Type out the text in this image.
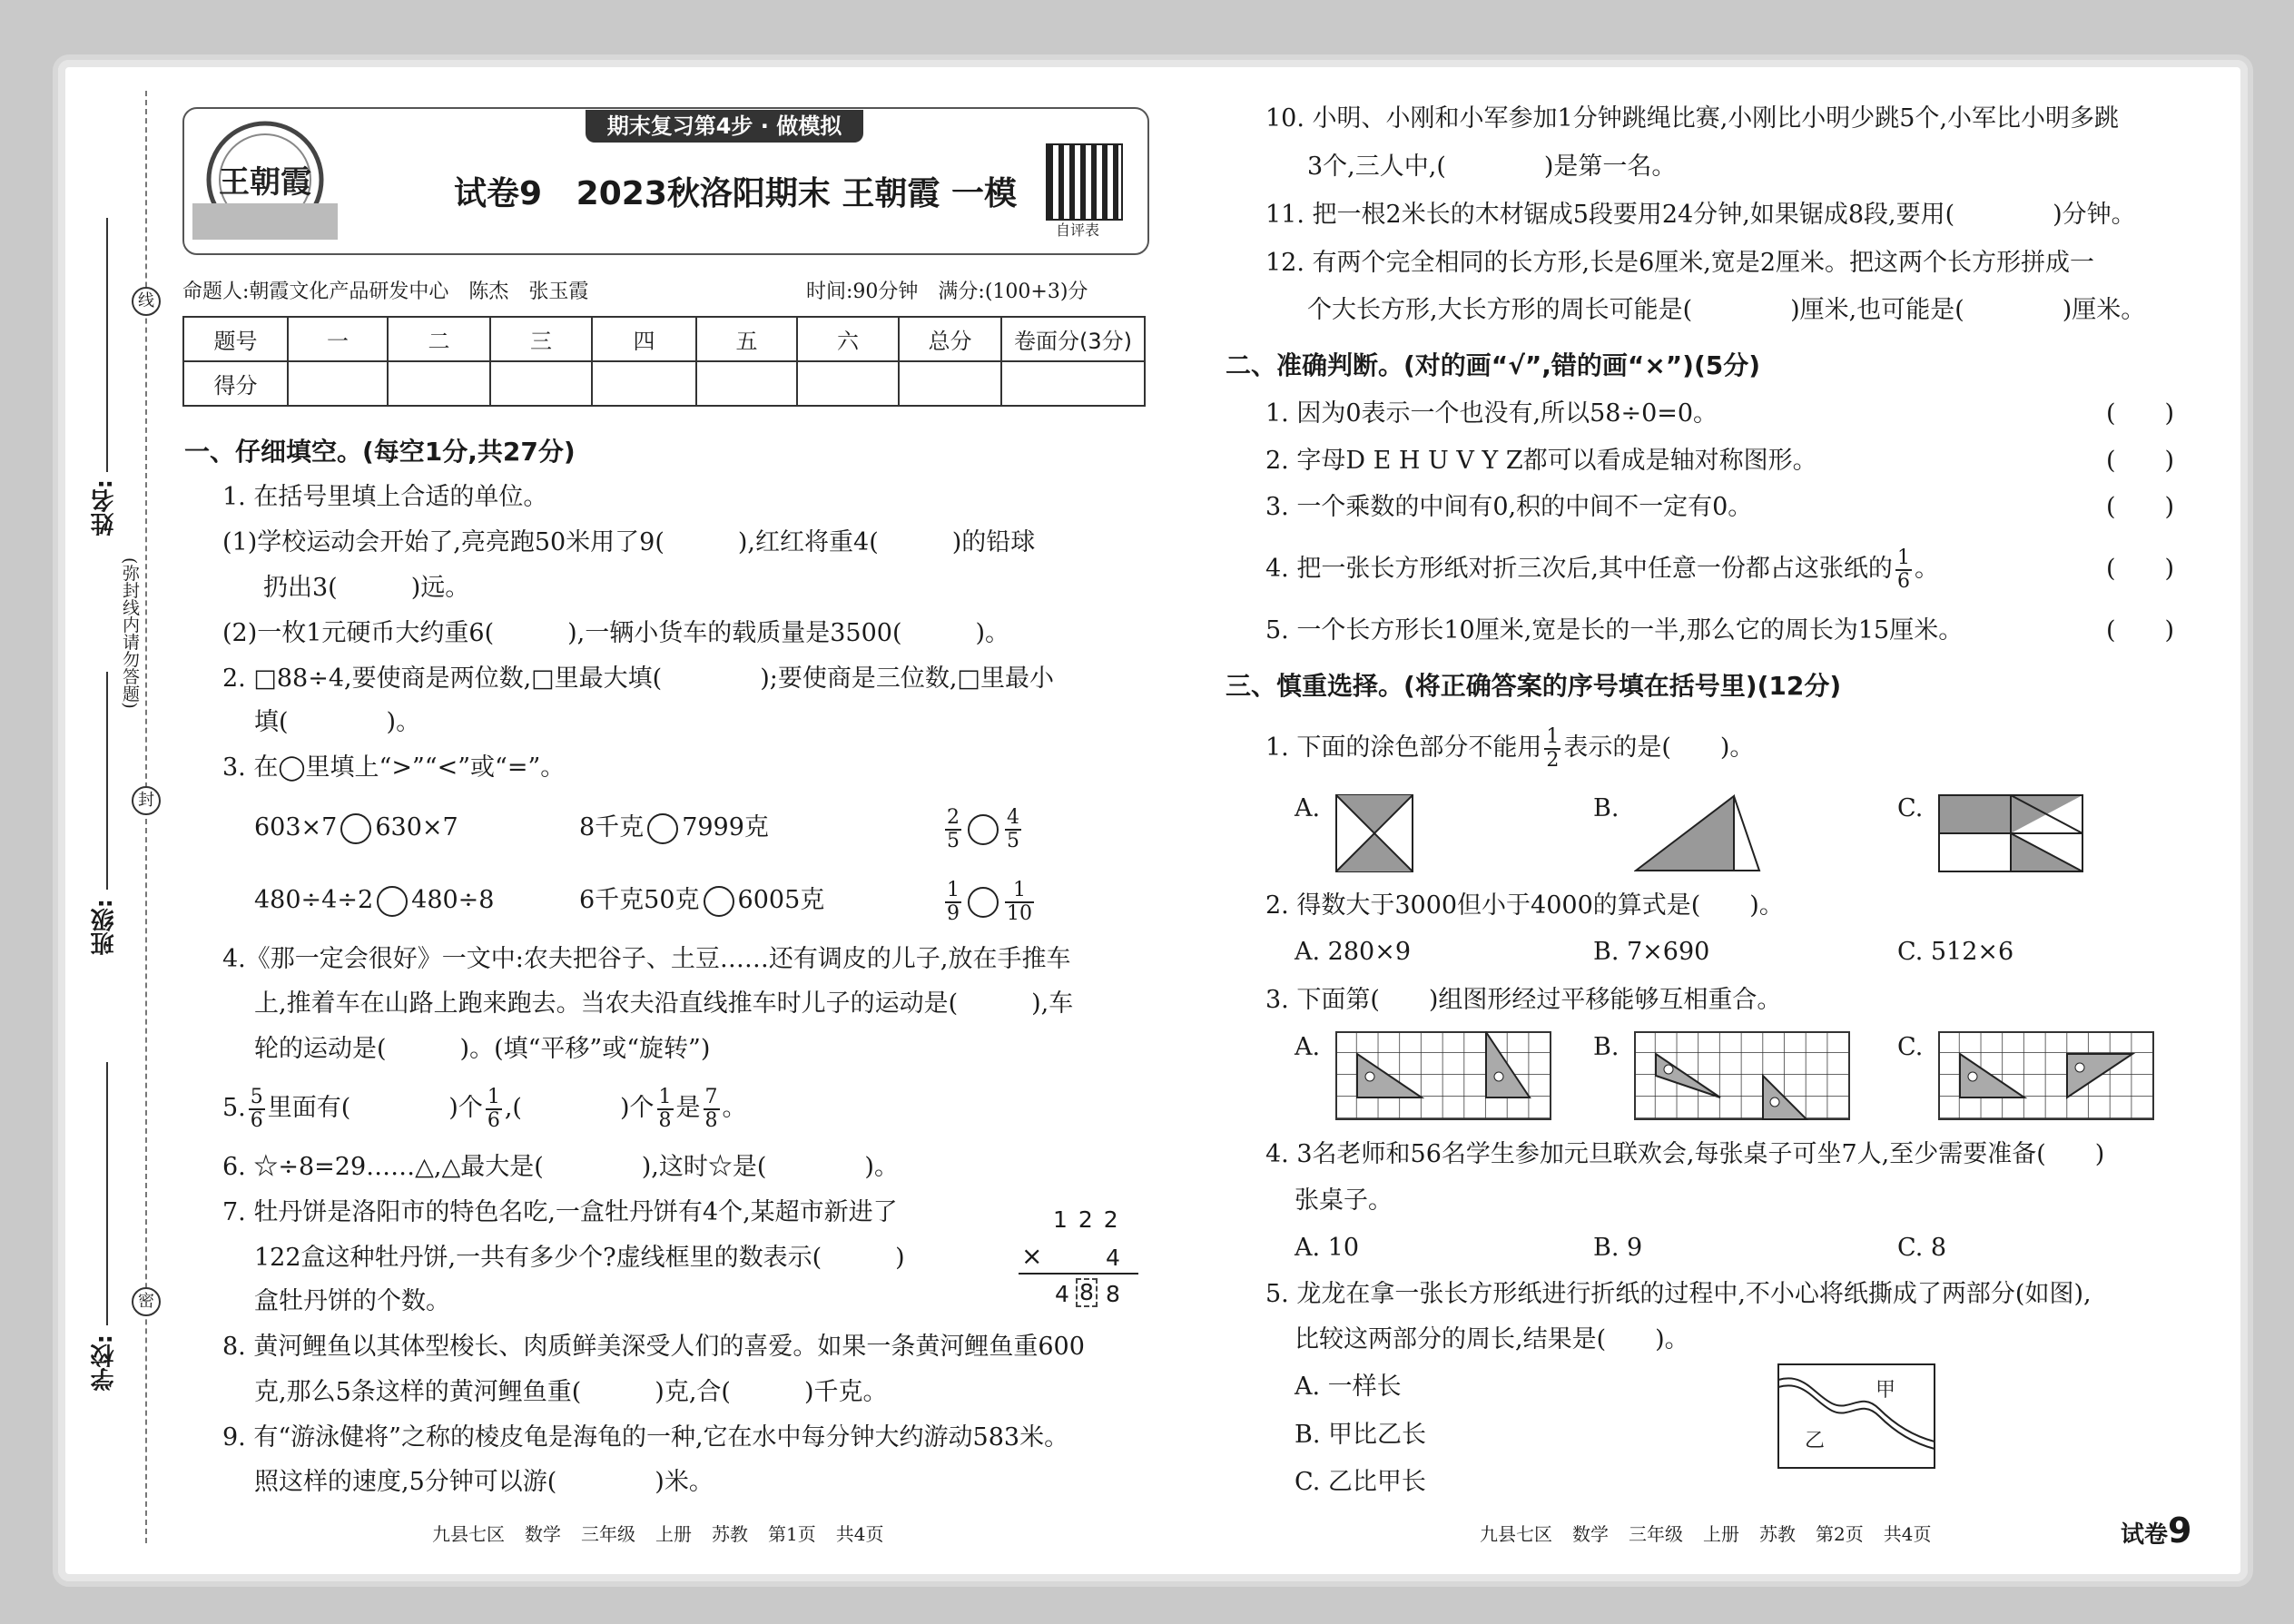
线
封
密
姓名:
班级:
学校:
(弥封线内请勿答题)
王朝霞
期末复习第4步 · 做模拟
试卷9 2023秋洛阳期末 王朝霞 一模
自评表
命题人:朝霞文化产品研发中心　陈杰　张玉霞	时间:90分钟　满分:(100+3)分
题号	一	二	三	四	五	六	总分	卷面分(3分)
得分								
一、仔细填空。(每空1分,共27分)
1. 在括号里填上合适的单位。
(1)学校运动会开始了,亮亮跑50米用了9(　　　),红红将重4(　　　)的铅球
扔出3(　　　)远。
(2)一枚1元硬币大约重6(　　　),一辆小货车的载质量是3500(　　　)。
2. □88÷4,要使商是两位数,□里最大填(　　　　);要使商是三位数,□里最小
填(　　　　)。
3. 在◯里填上“>”“<”或“=”。
603×7 630×7	8千克 7999克	$\frac{2}{5} \frac{4}{5}$
480÷4÷2 480÷8	6千克50克 6005克	$\frac{1}{9} \frac{1}{10}$
4.《那一定会很好》一文中:农夫把谷子、土豆……还有调皮的儿子,放在手推车
上,推着车在山路上跑来跑去。当农夫沿直线推车时儿子的运动是(　　　),车
轮的运动是(　　　)。(填“平移”或“旋转”)
5. $\frac{5}{6}$ 里面有(　　　　)个 $\frac{1}{6}$ ,(　　　　)个 $\frac{1}{8}$ 是 $\frac{7}{8}$ 。
6. ☆÷8=29……△,△最大是(　　　　),这时☆是(　　　　)。
7. 牡丹饼是洛阳市的特色名吃,一盒牡丹饼有4个,某超市新进了
122盒这种牡丹饼,一共有多少个?虚线框里的数表示(　　　)
盒牡丹饼的个数。
1 2 2
×	4
4 8 8
8. 黄河鲤鱼以其体型梭长、肉质鲜美深受人们的喜爱。如果一条黄河鲤鱼重600
克,那么5条这样的黄河鲤鱼重(　　　)克,合(　　　)千克。
9. 有“游泳健将”之称的棱皮龟是海龟的一种,它在水中每分钟大约游动583米。
照这样的速度,5分钟可以游(　　　　)米。
10. 小明、小刚和小军参加1分钟跳绳比赛,小刚比小明少跳5个,小军比小明多跳
3个,三人中,(　　　　)是第一名。
11. 把一根2米长的木材锯成5段要用24分钟,如果锯成8段,要用(　　　　)分钟。
12. 有两个完全相同的长方形,长是6厘米,宽是2厘米。把这两个长方形拼成一
个大长方形,大长方形的周长可能是(　　　　)厘米,也可能是(　　　　)厘米。
二、准确判断。(对的画“√”,错的画“×”)(5分)
1. 因为0表示一个也没有,所以58÷0=0。	(　　)
2. 字母D E H U V Y Z都可以看成是轴对称图形。	(　　)
3. 一个乘数的中间有0,积的中间不一定有0。	(　　)
4. 把一张长方形纸对折三次后,其中任意一份都占这张纸的 $\frac{1}{6}$ 。	(　　)
5. 一个长方形长10厘米,宽是长的一半,那么它的周长为15厘米。	(　　)
三、慎重选择。(将正确答案的序号填在括号里)(12分)
1. 下面的涂色部分不能用 $\frac{1}{2}$ 表示的是(　　)。
A.	B.	C.
2. 得数大于3000但小于4000的算式是(　　)。
A. 280×9	B. 7×690	C. 512×6
3. 下面第(　　)组图形经过平移能够互相重合。
A.	B.	C.
4. 3名老师和56名学生参加元旦联欢会,每张桌子可坐7人,至少需要准备(　　)
张桌子。
A. 10	B. 9	C. 8
5. 龙龙在拿一张长方形纸进行折纸的过程中,不小心将纸撕成了两部分(如图),
比较这两部分的周长,结果是(　　)。
A. 一样长
B. 甲比乙长
C. 乙比甲长
甲
乙
九县七区 数学 三年级 上册 苏教 第1页 共4页	九县七区 数学 三年级 上册 苏教 第2页 共4页	试卷9
